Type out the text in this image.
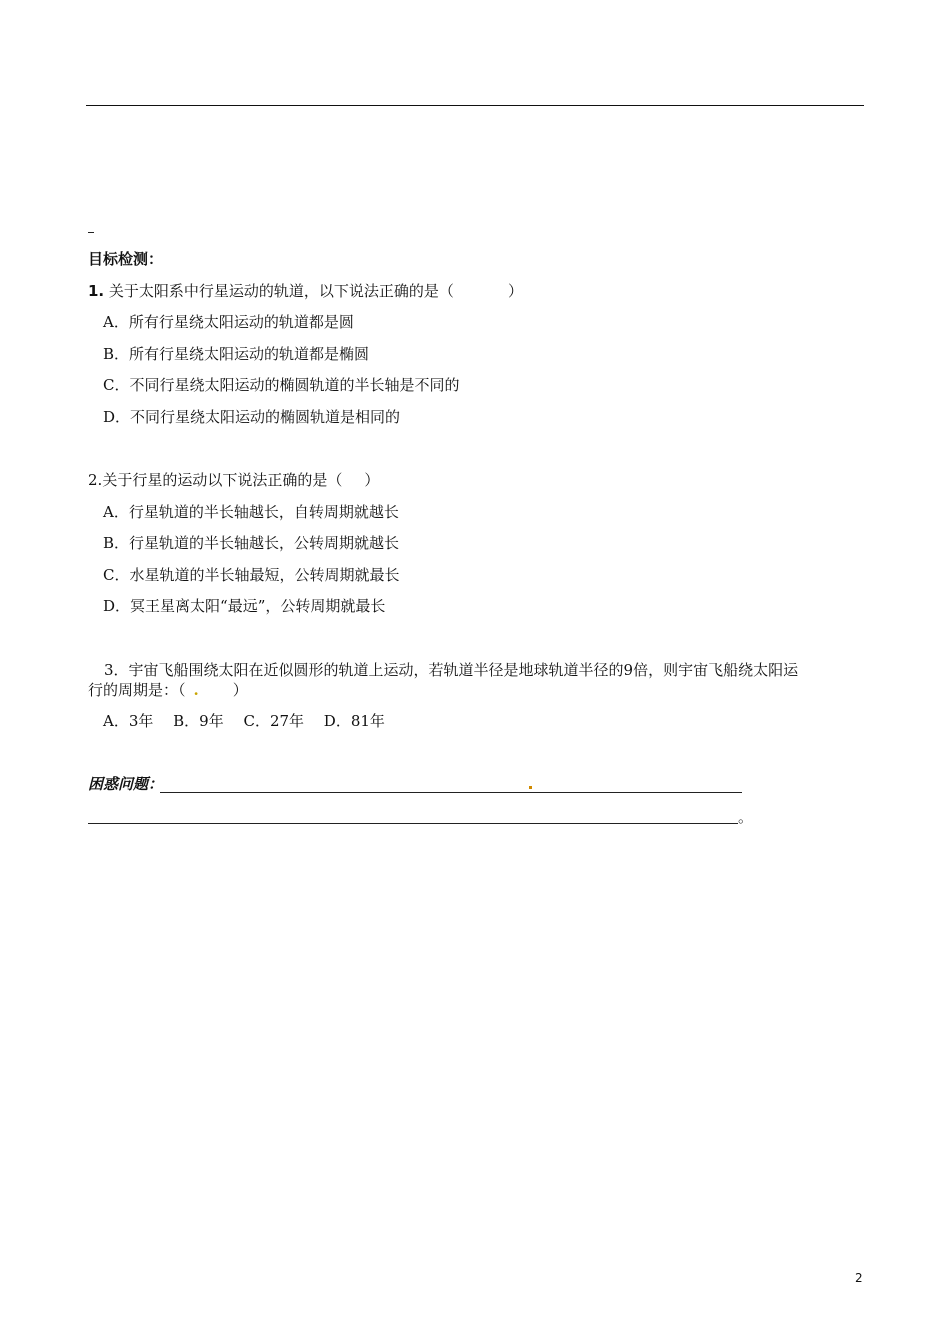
目标检测：
1. 关于太阳系中行星运动的轨道，以下说法正确的是（	）
A．所有行星绕太阳运动的轨道都是圆
B．所有行星绕太阳运动的轨道都是椭圆
C．不同行星绕太阳运动的椭圆轨道的半长轴是不同的
D．不同行星绕太阳运动的椭圆轨道是相同的
2.关于行星的运动以下说法正确的是（ ）
A．行星轨道的半长轴越长，自转周期就越长
B．行星轨道的半长轴越长，公转周期就越长
C．水星轨道的半长轴最短，公转周期就最长
D．冥王星离太阳“最远”，公转周期就最长
3．宇宙飞船围绕太阳在近似圆形的轨道上运动，若轨道半径是地球轨道半径的9倍，则宇宙飞船绕太阳运
行的周期是：（ . ）
A．3年　 B．9年　 C．27年　 D．81年
困惑问题：
。
2
